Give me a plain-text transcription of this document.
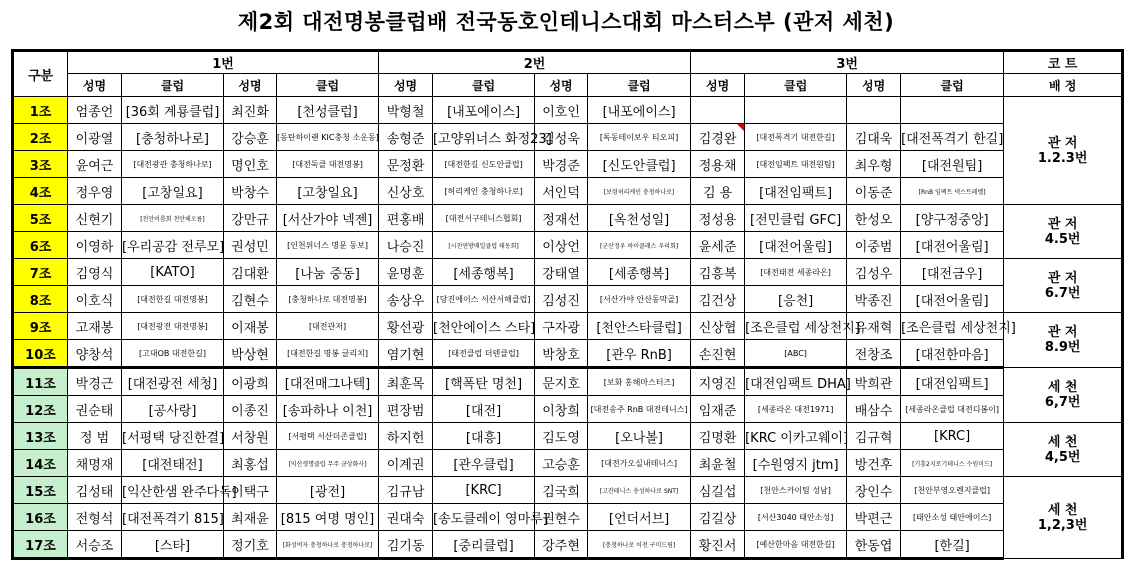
제2회 대전명봉클럽배 전국동호인테니스대회 마스터스부 (관저 세천)
구분	1번				2번				3번				코 트
	성명	클럽	성명	클럽	성명	클럽	성명	클럽	성명	클럽	성명	클럽	배 정
1조	엄종언	[36회 계룡클럽]	최진화	[천성클럽]	박형철	[내포에이스]	이호인	[내포에이스]					관 저
1.2.3번

2조	이광열	[충청하나로]	강승훈	[동탄하이랜 KIC충청 소운동]	송형준	[고양위너스 화정23]	김성욱	[독동테이보우 티오피]	김경완	[대전폭격기 대전한길]	김대욱	[대전폭격기 한길]	
3조	윤여근	[대전광관 충청하나로]	명인호	[대전둑클 대전명봉]	문정환	[대전한길 신도안클럽]	박경준	[신도안클럽]	정용채	[대전임팩트 대전원팀]	최우형	[대전원팀]	
4조	정우영	[고창일요]	박창수	[고창일요]	신상호	[허리케인 충청하나로]	서인덕	[보령허리케인 충청하나로]	김 용	[대전임팩트]	이동준	[RnB 임팩트 넥스트레벨]	
5조	신현기	[천안이룸회 천안해오름]	강만규	[서산가야 넥젠]	편홍배	[대전서구테니스협회]	정재선	[옥천성일]	정성용	[전민클럽 GFC]	한성오	[양구정중앙]	관 저
4.5번

6조	이영하	[우리공감 전루모]	권성민	[인천위너스 명문 동보]	나승진	[시천연방매일클럽 태동회]	이상언	[군산정우 하이클래스 우리회]	윤세준	[대전어울림]	이중범	[대전어울림]	
7조	김영식	[KATO]	김대환	[나눔 중동]	윤명훈	[세종행복]	강태열	[세종행복]	김흥복	[대전태전 세종라온]	김성우	[대전금우]	관 저
6.7번

8조	이호식	[대전한길 대전명봉]	김현수	[충청하나로 대전명봉]	송상우	[당진에이스 서산서해클럽]	김성진	[서산가야 안산동막골]	김건상	[응천]	박종진	[대전어울림]	
9조	고재봉	[대전광전 대전명봉]	이재봉	[대전관저]	황선광	[천안에이스 스타]	구자광	[천안스타클럽]	신상협	[조은클럽 세상천지]	유재혁	[조은클럽 세상천지]	관 저
8.9번

10조	양창석	[고대OB 대전한길]	박상현	[대전한길 명봉 글리치]	염기현	[태전클럽 더텐클럽]	박창호	[관우 RnB]	손진현	[ABC]	전창조	[대전한마음]	
11조	박경근	[대전광전 세청]	이광희	[대전매그나텍]	최훈목	[핵폭탄 명천]	문지호	[보화 홍해마스터즈]	지영진	[대전임팩트 DHA]	박희관	[대전임팩트]	세 천
6,7번

12조	권순태	[공사랑]	이종진	[송파하나 이천]	편장범	[대전]	이창희	[대전송주 RnB 대전테니스]	임재준	[세종라온 대전1971]	배삼수	[세종라온클럽 대전디봄이]	
13조	정 범	[서평택 당진한결]	서창원	[서평택 서산더존클럽]	하지헌	[대흥]	김도영	[오나볼]	김명환	[KRC 이카고웨이]	김규혁	[KRC]	세 천
4,5번

14조	채명재	[대전태전]	최홍섭	[익산생명클럽 무주 금상화사]	이계권	[관우클럽]	고승훈	[대전가오실내테니스]	최윤철	[수원영지 jtm]	방건후	[기흥2지로기테니스 수원미드]	
15조	김성태	[익산한샘 완주다독]	이택구	[광전]	김규남	[KRC]	김국희	[고잔테니스 송성하나로 SNT]	심길섭	[천안스카이팀 성남]	장인수	[천안부영오렌지클럽]	세 천
1,2,3번

16조	전형석	[대전폭격기 815]	최재윤	[815 여명 명인]	권대숙	[송도클레이 영마루]	권현수	[언더서브]	김길상	[서산3040 태안소성]	박편근	[태안소성 태안에이스]	
17조	서승조	[스타]	정기호	[화성여자 충청하나로 충청하나로]	김기동	[중리클럽]	강주현	[충청하나로 이천 구미드림]	황진서	[예산한마음 대전한길]	한동엽	[한길]	
